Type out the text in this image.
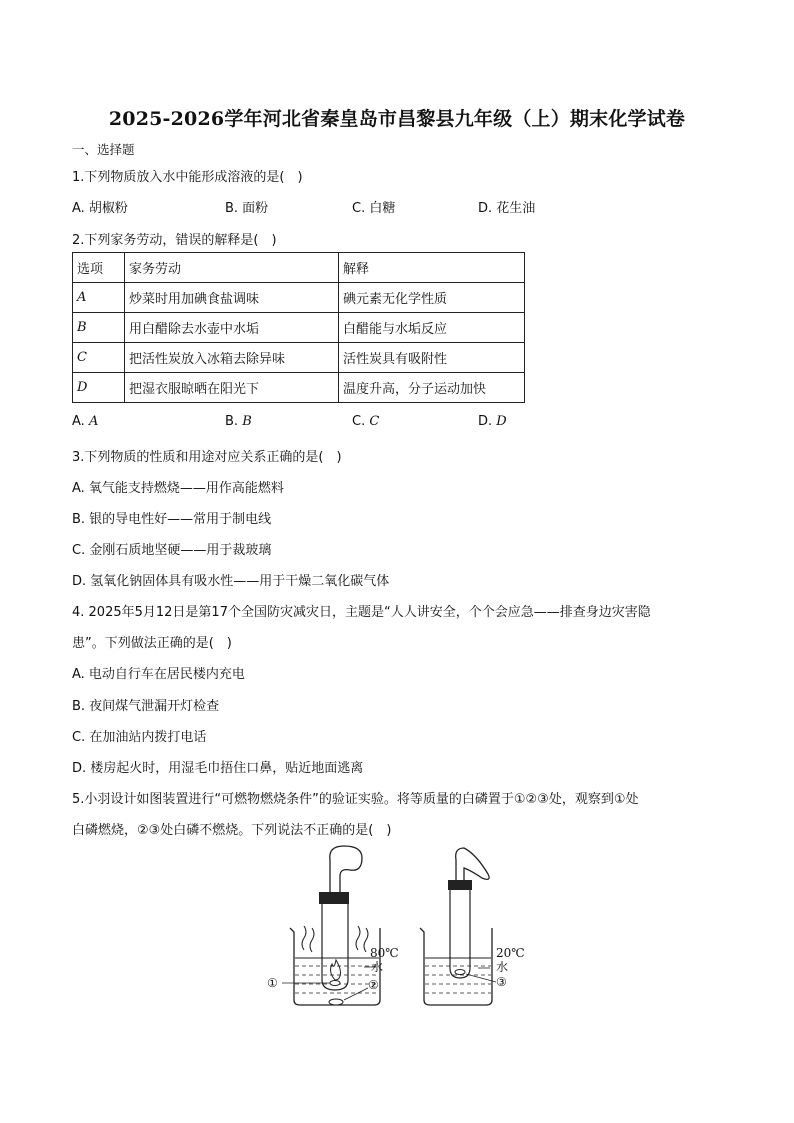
2025-2026学年河北省秦皇岛市昌黎县九年级（上）期末化学试卷
一、选择题
1.下列物质放入水中能形成溶液的是(　)
A. 胡椒粉	B. 面粉	C. 白糖	D. 花生油
2.下列家务劳动，错误的解释是(　)
选项	家务劳动	解释
A	炒菜时用加碘食盐调味	碘元素无化学性质
B	用白醋除去水壶中水垢	白醋能与水垢反应
C	把活性炭放入冰箱去除异味	活性炭具有吸附性
D	把湿衣服晾晒在阳光下	温度升高，分子运动加快
A. A	B. B	C. C	D. D
3.下列物质的性质和用途对应关系正确的是(　)
A. 氧气能支持燃烧——用作高能燃料
B. 银的导电性好——常用于制电线
C. 金刚石质地坚硬——用于裁玻璃
D. 氢氧化钠固体具有吸水性——用于干燥二氧化碳气体
4. 2025年5月12日是第17个全国防灾减灾日，主题是“人人讲安全，个个会应急——排查身边灾害隐
患”。下列做法正确的是(　)
A. 电动自行车在居民楼内充电
B. 夜间煤气泄漏开灯检查
C. 在加油站内拨打电话
D. 楼房起火时，用湿毛巾捂住口鼻，贴近地面逃离
5.小羽设计如图装置进行“可燃物燃烧条件”的验证实验。将等质量的白磷置于①②③处，观察到①处
白磷燃烧，②③处白磷不燃烧。下列说法不正确的是(　)
80℃
水
①	②
20℃
水
③
